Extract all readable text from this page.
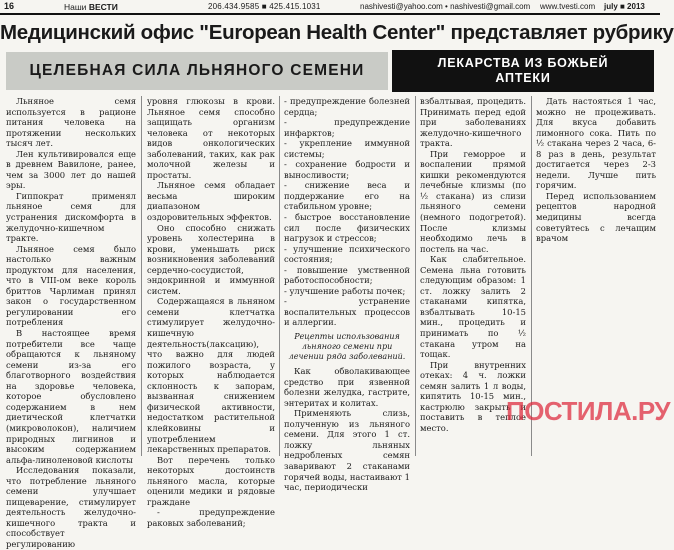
16	Наши ВЕСТИ	206.434.9585 ■ 425.415.1031	nashivesti@yahoo.com • nashivesti@gmail.com www.tvesti.com july ■ 2013
Медицинский офис "European Health Center" представляет рубрику
ЦЕЛЕБНАЯ СИЛА ЛЬНЯНОГО СЕМЕНИ	ЛЕКАРСТВА ИЗ БОЖЬЕЙ
АПТЕКИ

Льняное семя используется в рационе питания человека на протяжении нескольких тысяч лет.

Лен культивировался еще в древнем Вавилоне, ранее, чем за 3000 лет до нашей эры.

Гиппократ применял льняное семя для устранения дискомфорта в желудочно-кишечном тракте.

Льняное семя было настолько важным продуктом для населения, что в VIII-ом веке король бриттов Чарлиман принял закон о государственном регулировании его потребления

В настоящее время потребители все чаще обращаются к льняному семени из-за его благотворного воздействия на здоровье человека, которое обусловлено содержанием в нем диетической клетчатки (микроволокон), наличием природных лигнинов и высоким содержанием альфа-линоленовой кислоты

Исследования показали, что потребление льняного семени улучшает пищеварение, стимулирует деятельность желудочно-кишечного тракта и способствует регулированию

уровня глюкозы в крови. Льняное семя способно защищать организм человека от некоторых видов онкологических заболеваний, таких, как рак молочной железы и простаты.

Льняное семя обладает весьма широким диапазоном оздоровительных эффектов.

Оно способно снижать уровень холестерина в крови, уменьшать риск возникновения заболеваний сердечно-сосудистой, эндокринной и иммунной систем.

Содержащаяся в льняном семени клетчатка стимулирует желудочно-кишечную деятельность(лаксацию), что важно для людей пожилого возраста, у которых наблюдается склонность к запорам, вызванная снижением физической активности, недостатком растительной клейковины и употреблением лекарственных препаратов.

Вот перечень только некоторых достоинств льняного масла, которые оценили медики и рядовые граждане

- предупреждение раковых заболеваний;

- предупреждение болезней сердца;

- предупреждение инфарктов;

- укрепление иммунной системы;

- сохранение бодрости и выносливости;

- снижение веса и поддержание его на стабильном уровне;

- быстрое восстановление сил после физических нагрузок и стрессов;

- улучшение психического состояния;

- повышение умственной работоспособности;

- улучшение работы почек;

- устранение воспалительных процессов и аллергии.

Рецепты использования льняного семени при лечении ряда заболеваний.

Как обволакивающее средство при язвенной болезни желудка, гастрите, энтеритах и колитах.

Применяють слизь, полученную из льняного семени. Для этого 1 ст. ложку льняных недробленых семян заваривают 2 стаканами горячей воды, настаивают 1 час, периодически

взбалтывая, процедить. Принимать перед едой при заболеваниях желудочно-кишечного тракта.

При геморрое и воспалении прямой кишки рекомендуются лечебные клизмы (по ½ стакана) из слизи льняного семени (немного подогретой). После клизмы необходимо лечь в постель на час.

Как слабительное. Семена льна готовить следующим образом: 1 ст. ложку залить 2 стаканами кипятка, взбалтывать 10-15 мин., процедить и принимать по ½ стакана утром на тощак.

При внутренних отеках: 4 ч. ложки семян залить 1 л воды, кипятить 10-15 мин., кастрюлю закрыть и поставить в теплое место.

Дать настояться 1 час, можно не процеживать. Для вкуса добавить лимонного сока. Пить по ½ стакана через 2 часа, 6-8 раз в день, результат достигается через 2-3 недели. Лучше пить горячим.

Перед использованием рецептов народной медицины всегда советуйтесь с лечащим врачом

ПОСТИЛА.РУ
